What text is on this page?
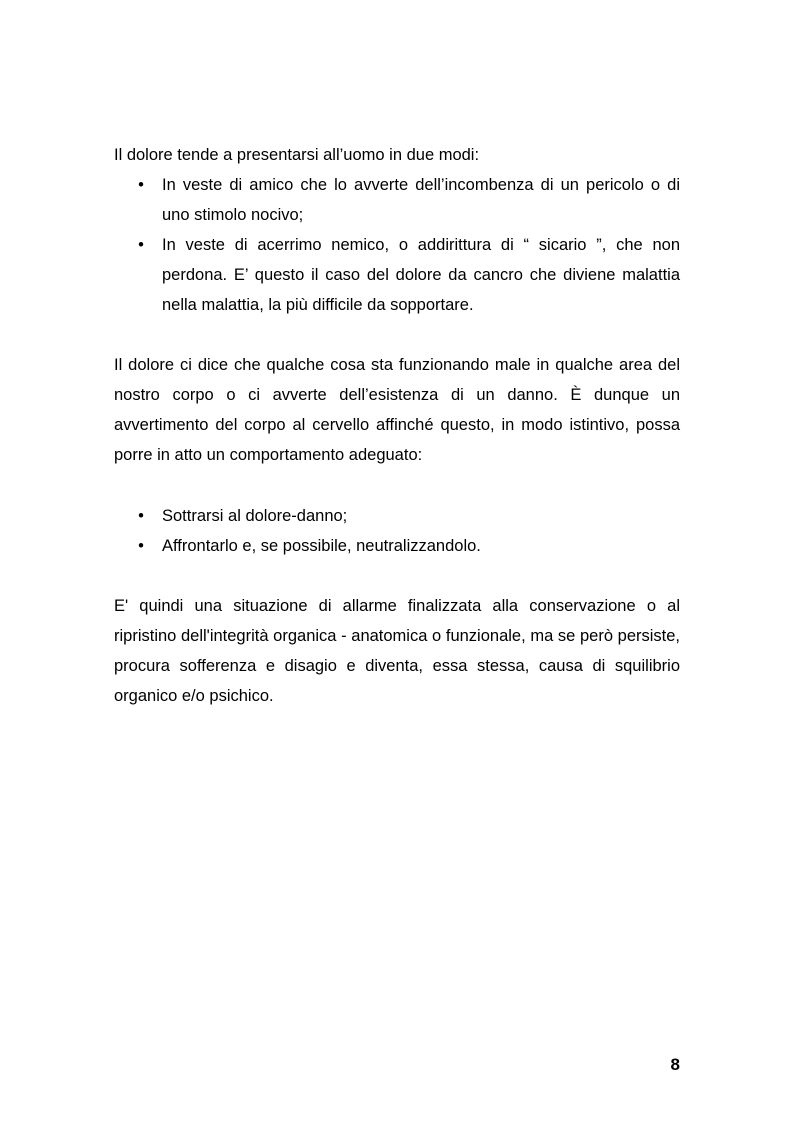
Il dolore tende a presentarsi all’uomo in due modi:

• In veste di amico che lo avverte dell’incombenza di un pericolo o di uno stimolo nocivo;
• In veste di acerrimo nemico, o addirittura di “ sicario ”, che non perdona. E’ questo il caso del dolore da cancro che diviene malattia nella malattia, la più difficile da sopportare.

Il dolore ci dice che qualche cosa sta funzionando male in qualche area del nostro corpo o ci avverte dell’esistenza di un danno. È dunque un avvertimento del corpo al cervello affinché questo, in modo istintivo, possa porre in atto un comportamento adeguato:

• Sottrarsi al dolore-danno;
• Affrontarlo e, se possibile, neutralizzandolo.

E' quindi una situazione di allarme finalizzata alla conservazione o al ripristino dell'integrità organica - anatomica o funzionale, ma se però persiste, procura sofferenza e disagio e diventa, essa stessa, causa di squilibrio organico e/o psichico.

8
